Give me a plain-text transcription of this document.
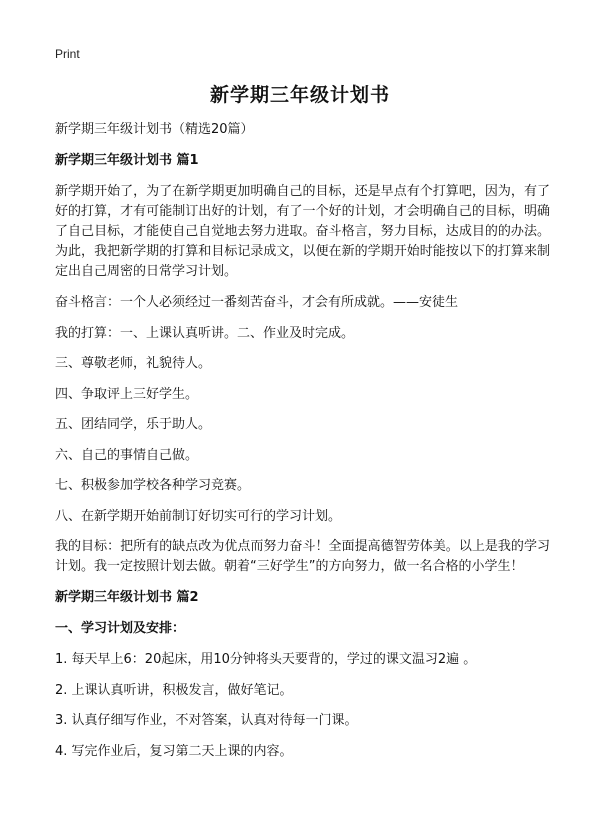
Print
新学期三年级计划书
新学期三年级计划书（精选20篇）
新学期三年级计划书 篇1
新学期开始了，为了在新学期更加明确自己的目标，还是早点有个打算吧，因为，有了好的打算，才有可能制订出好的计划，有了一个好的计划，才会明确自己的目标，明确了自己目标，才能使自己自觉地去努力进取。奋斗格言，努力目标，达成目的的办法。为此，我把新学期的打算和目标记录成文，以便在新的学期开始时能按以下的打算来制定出自己周密的日常学习计划。
奋斗格言：一个人必须经过一番刻苦奋斗，才会有所成就。——安徒生
我的打算：一、上课认真听讲。二、作业及时完成。
三、尊敬老师，礼貌待人。
四、争取评上三好学生。
五、团结同学，乐于助人。
六、自己的事情自己做。
七、积极参加学校各种学习竞赛。
八、在新学期开始前制订好切实可行的学习计划。
我的目标：把所有的缺点改为优点而努力奋斗！全面提高德智劳体美。以上是我的学习计划。我一定按照计划去做。朝着“三好学生”的方向努力，做一名合格的小学生！
新学期三年级计划书 篇2
一、学习计划及安排：
1. 每天早上6：20起床，用10分钟将头天要背的，学过的课文温习2遍 。
2. 上课认真听讲，积极发言，做好笔记。
3. 认真仔细写作业，不对答案，认真对待每一门课。
4. 写完作业后，复习第二天上课的内容。
